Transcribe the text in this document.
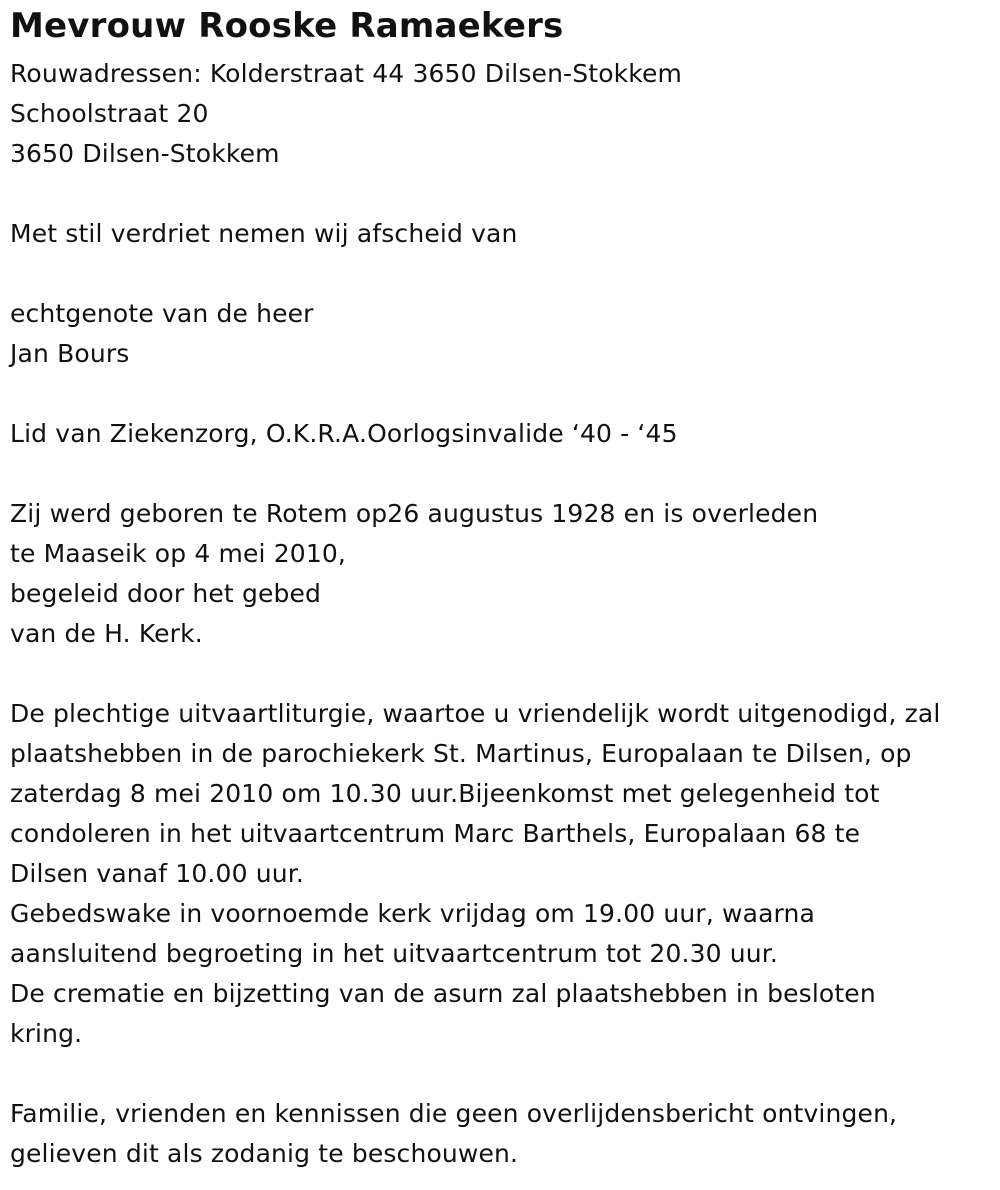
Mevrouw Rooske Ramaekers
Rouwadressen: Kolderstraat 44 3650 Dilsen-Stokkem
Schoolstraat 20
3650 Dilsen-Stokkem
Met stil verdriet nemen wij afscheid van
echtgenote van de heer
Jan Bours
Lid van Ziekenzorg, O.K.R.A.Oorlogsinvalide ‘40 - ‘45
Zij werd geboren te Rotem op26 augustus 1928 en is overleden
te Maaseik op 4 mei 2010,
begeleid door het gebed
van de H. Kerk.
De plechtige uitvaartliturgie, waartoe u vriendelijk wordt uitgenodigd, zal
plaatshebben in de parochiekerk St. Martinus, Europalaan te Dilsen, op
zaterdag 8 mei 2010 om 10.30 uur.Bijeenkomst met gelegenheid tot
condoleren in het uitvaartcentrum Marc Barthels, Europalaan 68 te
Dilsen vanaf 10.00 uur.
Gebedswake in voornoemde kerk vrijdag om 19.00 uur, waarna
aansluitend begroeting in het uitvaartcentrum tot 20.30 uur.
De crematie en bijzetting van de asurn zal plaatshebben in besloten
kring.
Familie, vrienden en kennissen die geen overlijdensbericht ontvingen,
gelieven dit als zodanig te beschouwen.
